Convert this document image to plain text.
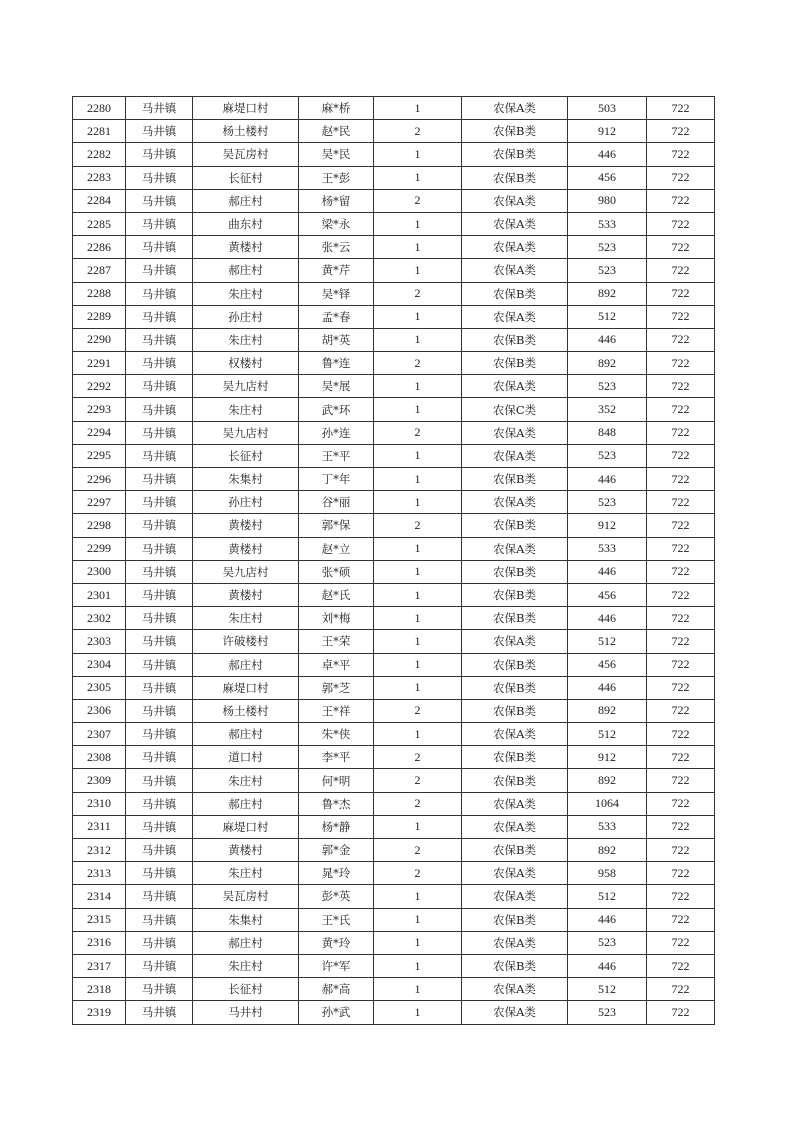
2280	马井镇	麻堤口村	麻*桥	1	农保A类	503	722
2281	马井镇	杨土楼村	赵*民	2	农保B类	912	722
2282	马井镇	吴瓦房村	吴*民	1	农保B类	446	722
2283	马井镇	长征村	王*彭	1	农保B类	456	722
2284	马井镇	郝庄村	杨*留	2	农保A类	980	722
2285	马井镇	曲东村	梁*永	1	农保A类	533	722
2286	马井镇	黄楼村	张*云	1	农保A类	523	722
2287	马井镇	郝庄村	黄*芹	1	农保A类	523	722
2288	马井镇	朱庄村	吴*铎	2	农保B类	892	722
2289	马井镇	孙庄村	孟*春	1	农保A类	512	722
2290	马井镇	朱庄村	胡*英	1	农保B类	446	722
2291	马井镇	权楼村	鲁*连	2	农保B类	892	722
2292	马井镇	吴九店村	吴*展	1	农保A类	523	722
2293	马井镇	朱庄村	武*环	1	农保C类	352	722
2294	马井镇	吴九店村	孙*连	2	农保A类	848	722
2295	马井镇	长征村	王*平	1	农保A类	523	722
2296	马井镇	朱集村	丁*年	1	农保B类	446	722
2297	马井镇	孙庄村	谷*丽	1	农保A类	523	722
2298	马井镇	黄楼村	郭*保	2	农保B类	912	722
2299	马井镇	黄楼村	赵*立	1	农保A类	533	722
2300	马井镇	吴九店村	张*硕	1	农保B类	446	722
2301	马井镇	黄楼村	赵*氏	1	农保B类	456	722
2302	马井镇	朱庄村	刘*梅	1	农保B类	446	722
2303	马井镇	许破楼村	王*荣	1	农保A类	512	722
2304	马井镇	郝庄村	卓*平	1	农保B类	456	722
2305	马井镇	麻堤口村	郭*芝	1	农保B类	446	722
2306	马井镇	杨土楼村	王*祥	2	农保B类	892	722
2307	马井镇	郝庄村	朱*侠	1	农保A类	512	722
2308	马井镇	道口村	李*平	2	农保B类	912	722
2309	马井镇	朱庄村	何*明	2	农保B类	892	722
2310	马井镇	郝庄村	鲁*杰	2	农保A类	1064	722
2311	马井镇	麻堤口村	杨*静	1	农保A类	533	722
2312	马井镇	黄楼村	郭*金	2	农保B类	892	722
2313	马井镇	朱庄村	晁*玲	2	农保A类	958	722
2314	马井镇	吴瓦房村	彭*英	1	农保A类	512	722
2315	马井镇	朱集村	王*氏	1	农保B类	446	722
2316	马井镇	郝庄村	黄*玲	1	农保A类	523	722
2317	马井镇	朱庄村	许*军	1	农保B类	446	722
2318	马井镇	长征村	郝*高	1	农保A类	512	722
2319	马井镇	马井村	孙*武	1	农保A类	523	722
